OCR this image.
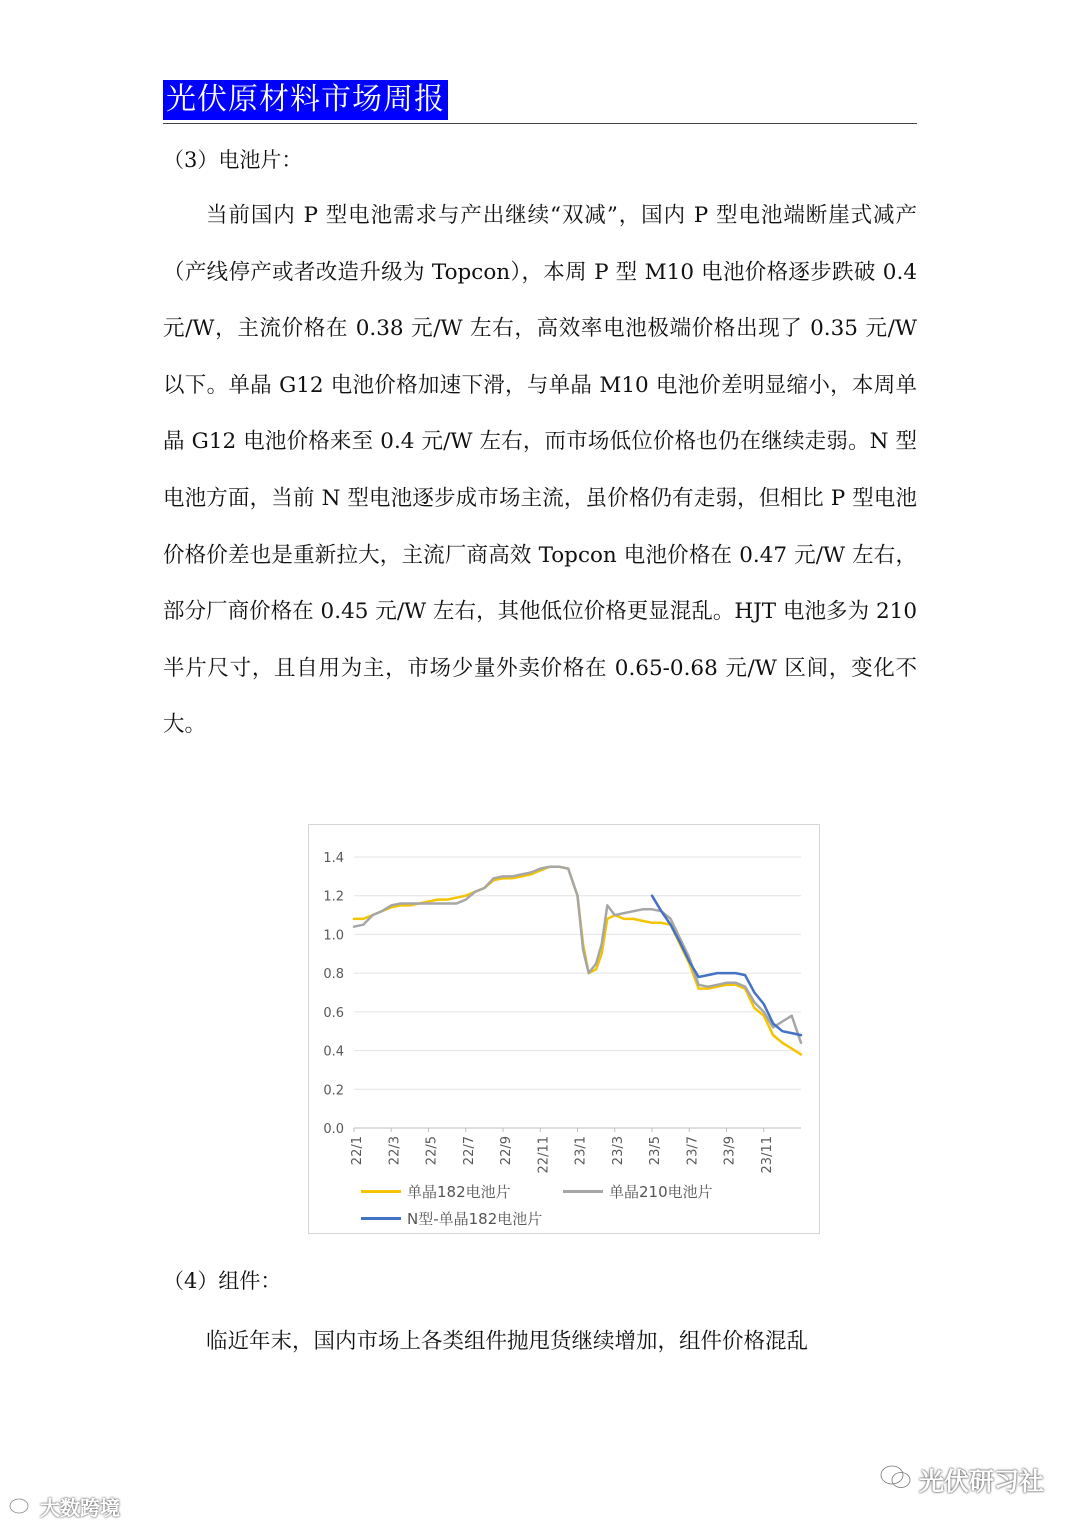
光伏原材料市场周报
（3）电池片：
当前国内 P 型电池需求与产出继续“双减”，国内 P 型电池端断崖式减产（产线停产或者改造升级为 Topcon），本周 P 型 M10 电池价格逐步跌破 0.4 元/W，主流价格在 0.38 元/W 左右，高效率电池极端价格出现了 0.35 元/W 以下。单晶 G12 电池价格加速下滑，与单晶 M10 电池价差明显缩小，本周单晶 G12 电池价格来至 0.4 元/W 左右，而市场低位价格也仍在继续走弱。N 型电池方面，当前 N 型电池逐步成市场主流，虽价格仍有走弱，但相比 P 型电池价格价差也是重新拉大，主流厂商高效 Topcon 电池价格在 0.47 元/W 左右，部分厂商价格在 0.45 元/W 左右，其他低位价格更显混乱。HJT 电池多为 210 半片尺寸，且自用为主，市场少量外卖价格在 0.65-0.68 元/W 区间，变化不大。
0.0
0.2
0.4
0.6
0.8
1.0
1.2
1.4
22/1 22/3 22/5 22/7 22/9 22/11 23/1 23/3 23/5 23/7 23/9 23/11
单晶182电池片	单晶210电池片
N型-单晶182电池片
（4）组件：
临近年末，国内市场上各类组件抛甩货继续增加，组件价格混乱
大数跨境
光伏研习社
